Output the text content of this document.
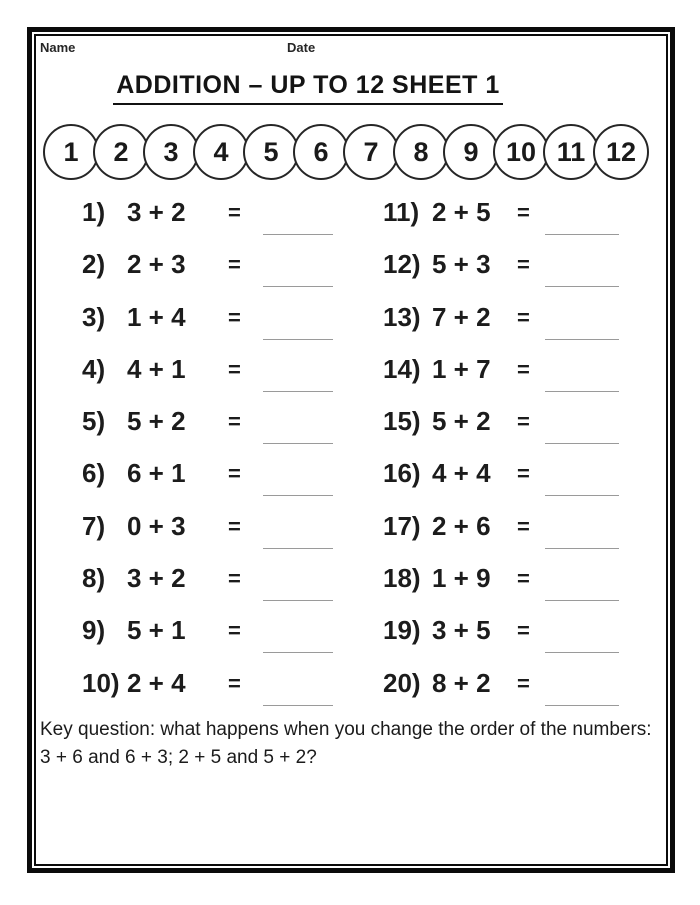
Name	Date
ADDITION – UP TO 12 SHEET 1
1 2 3 4 5 6 7 8 9 10 11 12
1) 3 + 2 =
2) 2 + 3 =
3) 1 + 4 =
4) 4 + 1 =
5) 5 + 2 =
6) 6 + 1 =
7) 0 + 3 =
8) 3 + 2 =
9) 5 + 1 =
10) 2 + 4 =
11) 2 + 5 =
12) 5 + 3 =
13) 7 + 2 =
14) 1 + 7 =
15) 5 + 2 =
16) 4 + 4 =
17) 2 + 6 =
18) 1 + 9 =
19) 3 + 5 =
20) 8 + 2 =
Key question: what happens when you change the order of the numbers:
3 + 6 and 6 + 3; 2 + 5 and 5 + 2?
